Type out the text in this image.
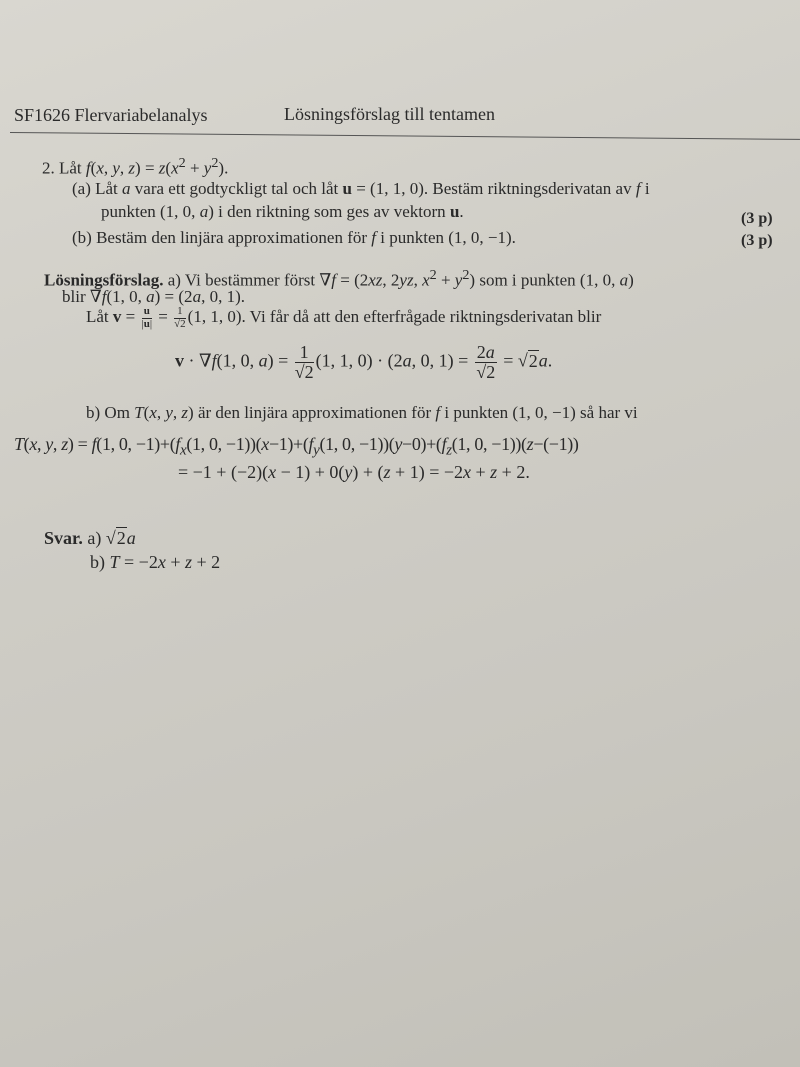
SF1626 Flervariabelanalys	Lösningsförslag till tentamen
2. Låt f(x, y, $z) = z(x^2 + y^2)$.
(a) Låt a vara ett godtyckligt tal och låt u = (1, 1, 0). Bestäm riktningsderivatan av f i
punkten (1, 0, a) i den riktning som ges av vektorn u.	(3 p)
(b) Bestäm den linjära approximationen för f i punkten (1, 0, −1).	(3 p)
Lösningsförslag. a) Vi bestämmer först ∇f = (2xz, 2yz, $x^2 + y^2$) som i punkten (1, 0, a)
blir ∇f(1, 0, a) = (2a, 0, 1).
Låt $v = \frac{u}{|u|} = \frac{1}{√2} (1$, 1, 0). Vi får då att den efterfrågade riktningsderivatan blir
v · ∇f(1, 0, $a) = \frac{1}{√2} (1$, 1, 0) · (2a, 0, $1) = \frac{2a}{√2} = √2a$.
b) Om T(x, y, z) är den linjära approximationen för f i punkten (1, 0, −1) så har vi
T(x, y, z) = f(1, 0, $-1)+(f_x(1$, 0, $-1))(x-1)+(f_y(1$, 0, $-1))(y-0)+(f_z(1$, 0, −1))(z−(−1))
= −1 + (−2)(x − 1) + 0(y) + (z + 1) = −2x + z + 2.
Svar. a) √2a
b) T = −2x + z + 2
